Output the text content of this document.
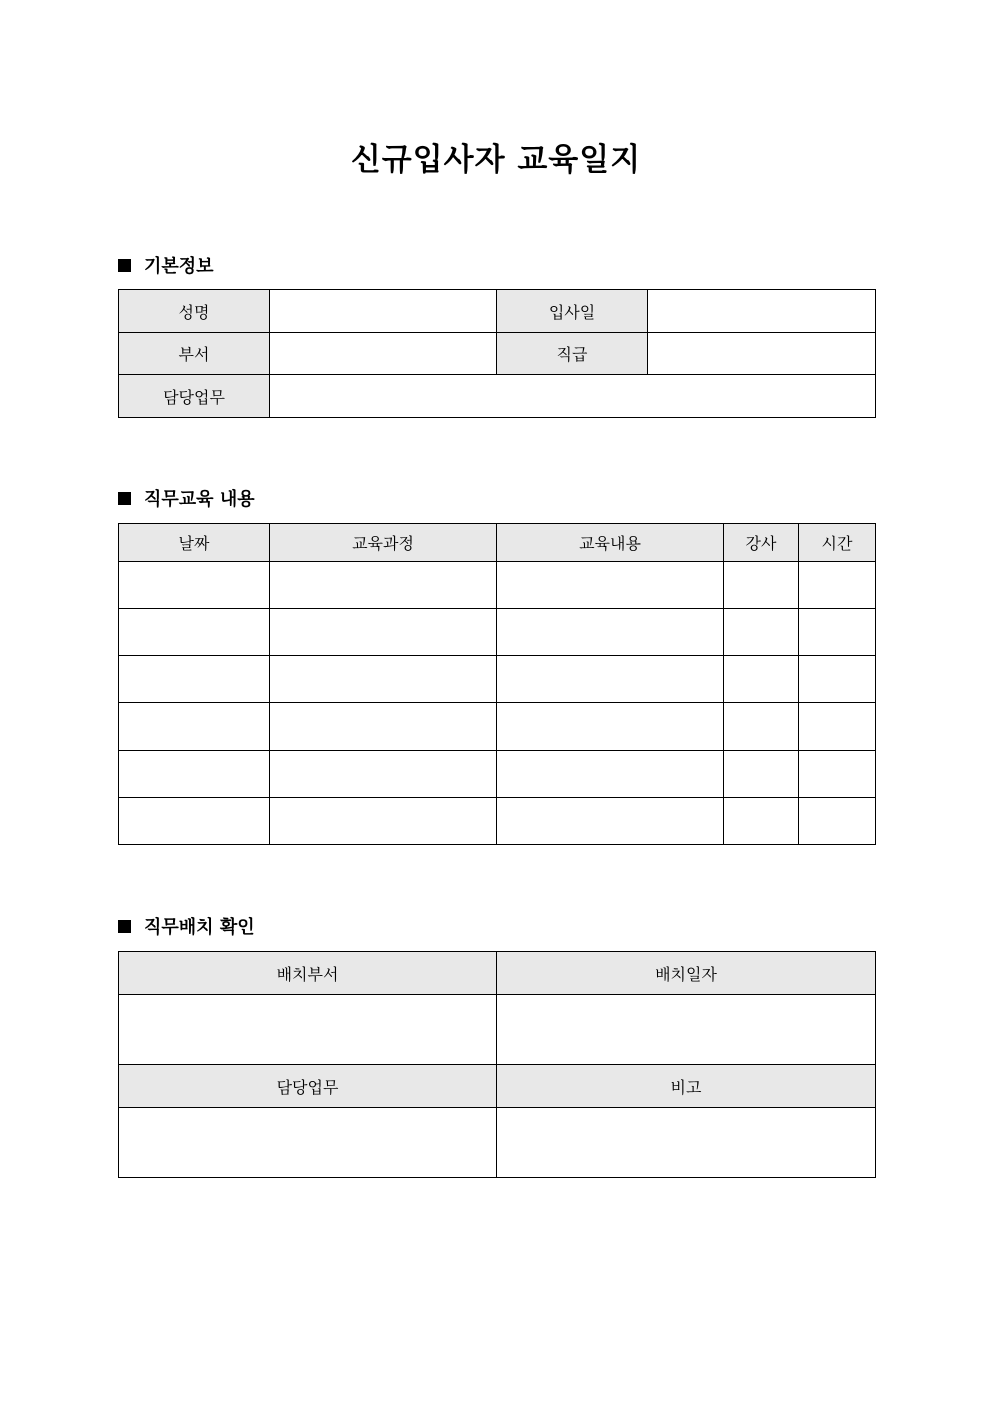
신규입사자 교육일지
기본정보
성명		입사일	
부서		직급	
담당업무			
직무교육 내용
날짜	교육과정	교육내용	강사	시간

직무배치 확인
배치부서	배치일자

담당업무	비고
